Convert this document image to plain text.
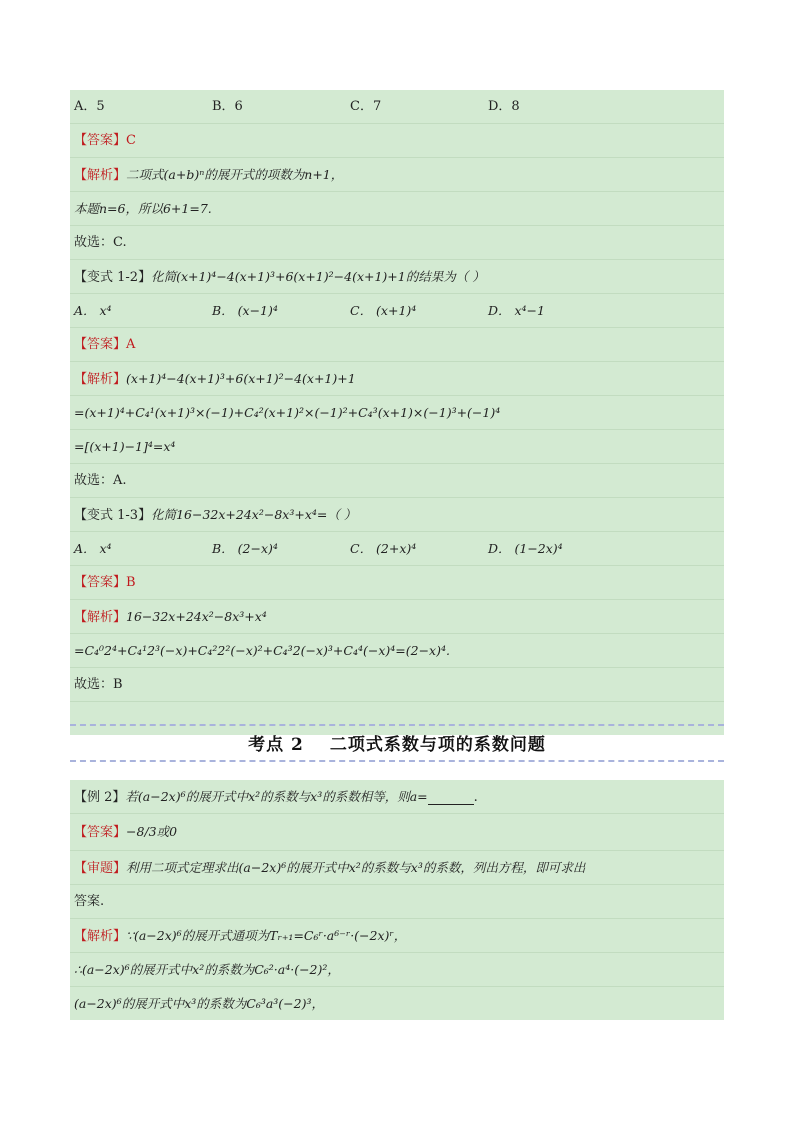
A．5	B．6	C．7	D．8
【答案】C
【解析】二项式(a+b)ⁿ的展开式的项数为n+1，
本题n=6，所以6+1=7.
故选：C.
【变式 1-2】化简(x+1)⁴−4(x+1)³+6(x+1)²−4(x+1)+1的结果为（ ）
A． x⁴	B． (x−1)⁴	C． (x+1)⁴	D． x⁴−1
【答案】A
【解析】(x+1)⁴−4(x+1)³+6(x+1)²−4(x+1)+1
=(x+1)⁴+C₄¹(x+1)³×(−1)+C₄²(x+1)²×(−1)²+C₄³(x+1)×(−1)³+(−1)⁴
=[(x+1)−1]⁴=x⁴
故选：A.
【变式 1-3】化简16−32x+24x²−8x³+x⁴=（ ）
A． x⁴	B． (2−x)⁴	C． (2+x)⁴	D． (1−2x)⁴
【答案】B
【解析】16−32x+24x²−8x³+x⁴
=C₄⁰2⁴+C₄¹2³(−x)+C₄²2²(−x)²+C₄³2(−x)³+C₄⁴(−x)⁴=(2−x)⁴.
故选：B
考点 2 二项式系数与项的系数问题
【例 2】若(a−2x)⁶的展开式中x²的系数与x³的系数相等，则a=	.
【答案】−8/3或0
【审题】利用二项式定理求出(a−2x)⁶的展开式中x²的系数与x³的系数，列出方程，即可求出
答案.
【解析】∵(a−2x)⁶的展开式通项为Tᵣ₊₁=C₆ʳ·a⁶⁻ʳ·(−2x)ʳ，
∴(a−2x)⁶的展开式中x²的系数为C₆²·a⁴·(−2)²，
(a−2x)⁶的展开式中x³的系数为C₆³a³(−2)³，
